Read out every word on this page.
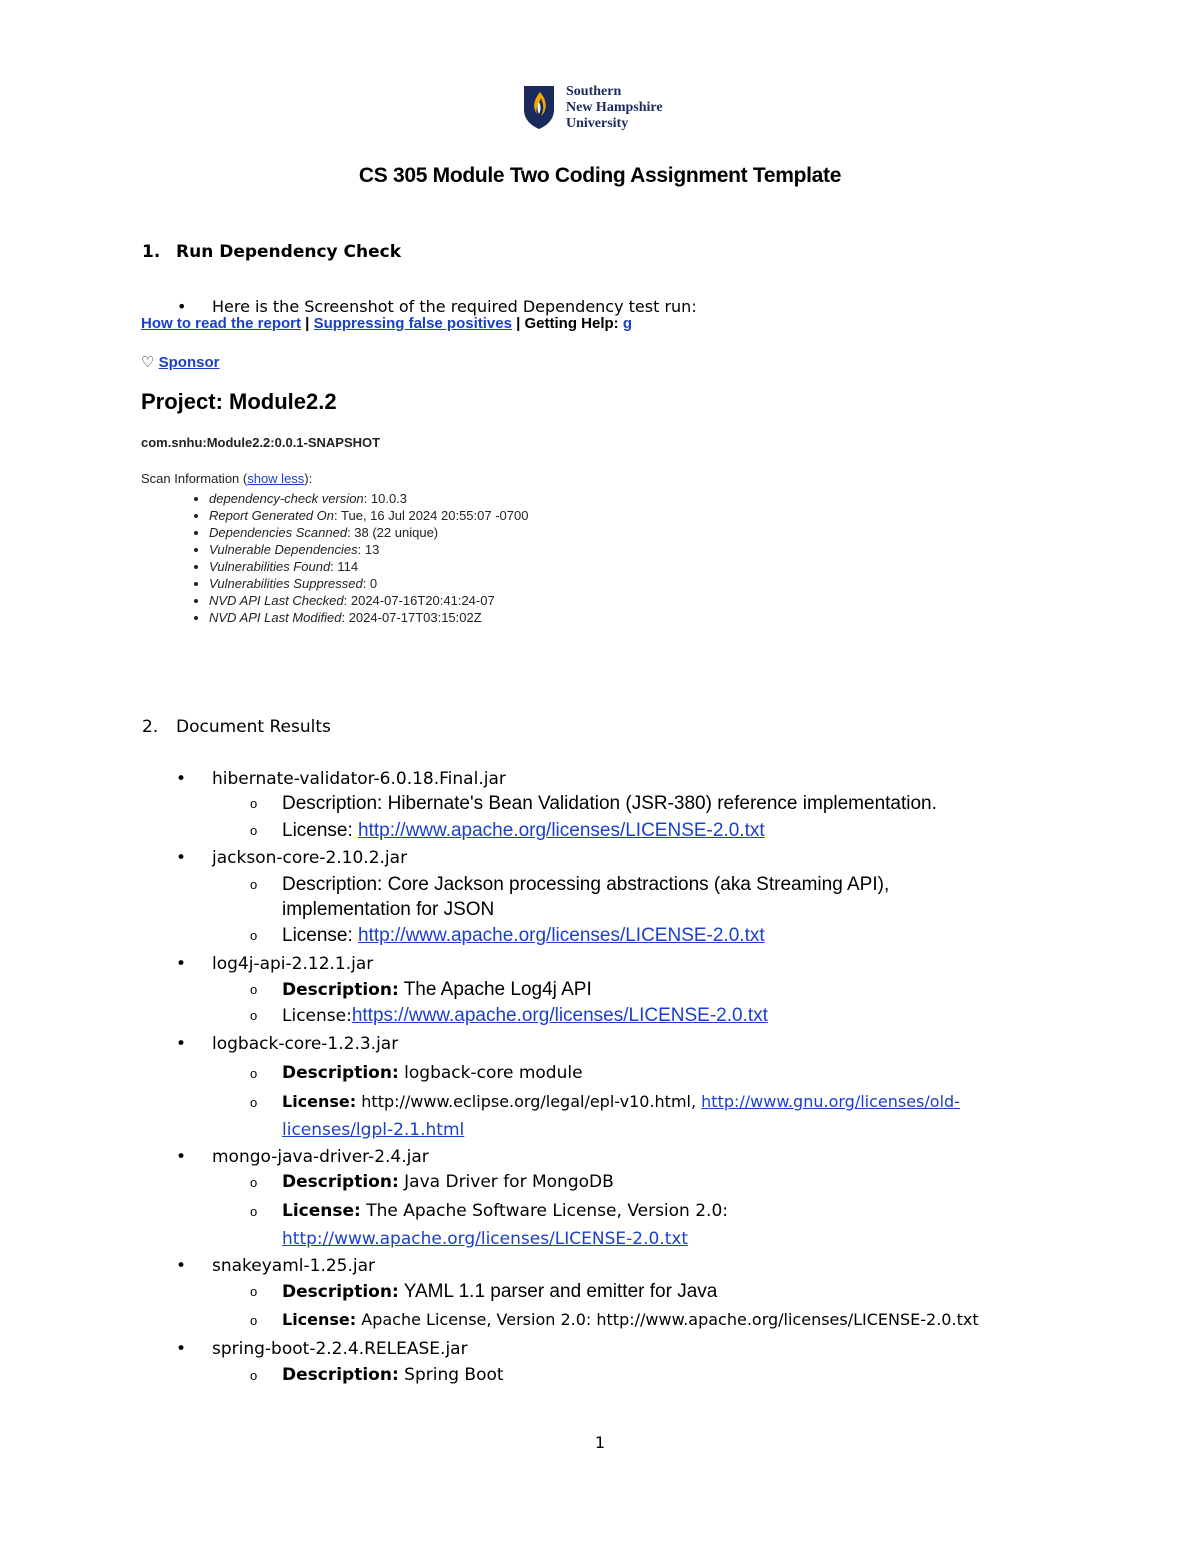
Southern
New Hampshire
University
CS 305 Module Two Coding Assignment Template
1. Run Dependency Check
• Here is the Screenshot of the required Dependency test run:
How to read the report | Suppressing false positives | Getting Help: g
♡ Sponsor
Project: Module2.2
com.snhu:Module2.2:0.0.1-SNAPSHOT
Scan Information (show less):
• dependency-check version: 10.0.3
• Report Generated On: Tue, 16 Jul 2024 20:55:07 -0700
• Dependencies Scanned: 38 (22 unique)
• Vulnerable Dependencies: 13
• Vulnerabilities Found: 114
• Vulnerabilities Suppressed: 0
• NVD API Last Checked: 2024-07-16T20:41:24-07
• NVD API Last Modified: 2024-07-17T03:15:02Z
2. Document Results
• hibernate-validator-6.0.18.Final.jar
o Description: Hibernate's Bean Validation (JSR-380) reference implementation.
o License: http://www.apache.org/licenses/LICENSE-2.0.txt
• jackson-core-2.10.2.jar
o Description: Core Jackson processing abstractions (aka Streaming API),
implementation for JSON
o License: http://www.apache.org/licenses/LICENSE-2.0.txt
• log4j-api-2.12.1.jar
o Description: The Apache Log4j API
o License:https://www.apache.org/licenses/LICENSE-2.0.txt
• logback-core-1.2.3.jar
o Description: logback-core module
o License: http://www.eclipse.org/legal/epl-v10.html, http://www.gnu.org/licenses/old-
licenses/lgpl-2.1.html
• mongo-java-driver-2.4.jar
o Description: Java Driver for MongoDB
o License: The Apache Software License, Version 2.0:
http://www.apache.org/licenses/LICENSE-2.0.txt
• snakeyaml-1.25.jar
o Description: YAML 1.1 parser and emitter for Java
o License: Apache License, Version 2.0: http://www.apache.org/licenses/LICENSE-2.0.txt
• spring-boot-2.2.4.RELEASE.jar
o Description: Spring Boot
1
